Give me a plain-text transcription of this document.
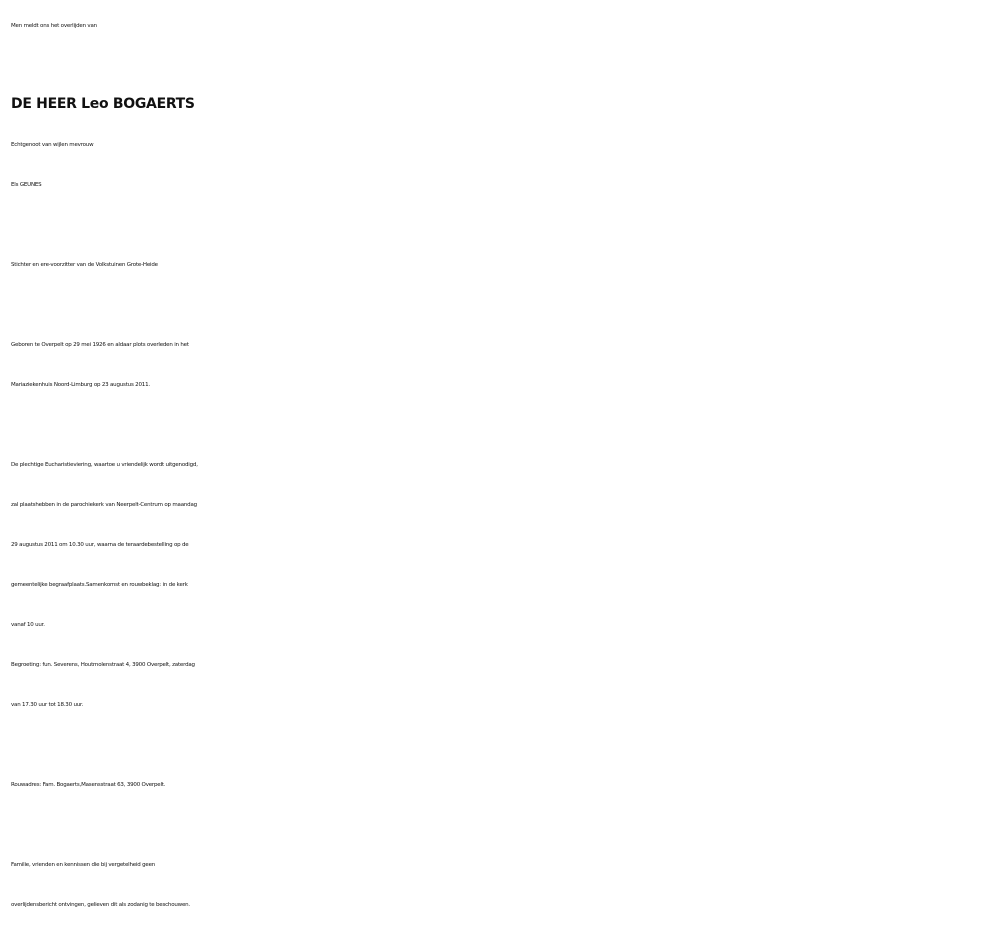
Men meldt ons het overlijden van
DE HEER Leo BOGAERTS
Echtgenoot van wijlen mevrouw
Els GEUNES
Stichter en ere-voorzitter van de Volkstuinen Grote-Heide
Geboren te Overpelt op 29 mei 1926 en aldaar plots overleden in het
Mariaziekenhuis Noord-Limburg op 23 augustus 2011.
De plechtige Eucharistieviering, waartoe u vriendelijk wordt uitgenodigd,
zal plaatshebben in de parochiekerk van Neerpelt-Centrum op maandag
29 augustus 2011 om 10.30 uur, waarna de teraardebestelling op de
gemeentelijke begraafplaats.Samenkomst en rouwbeklag: in de kerk
vanaf 10 uur.
Begroeting: fun. Severens, Houtmolenstraat 4, 3900 Overpelt, zaterdag
van 17.30 uur tot 18.30 uur.
Rouwadres: Fam. Bogaerts,Masensstraat 63, 3900 Overpelt.
Familie, vrienden en kennissen die bij vergetelheid geen
overlijdensbericht ontvingen, gelieven dit als zodanig te beschouwen.
